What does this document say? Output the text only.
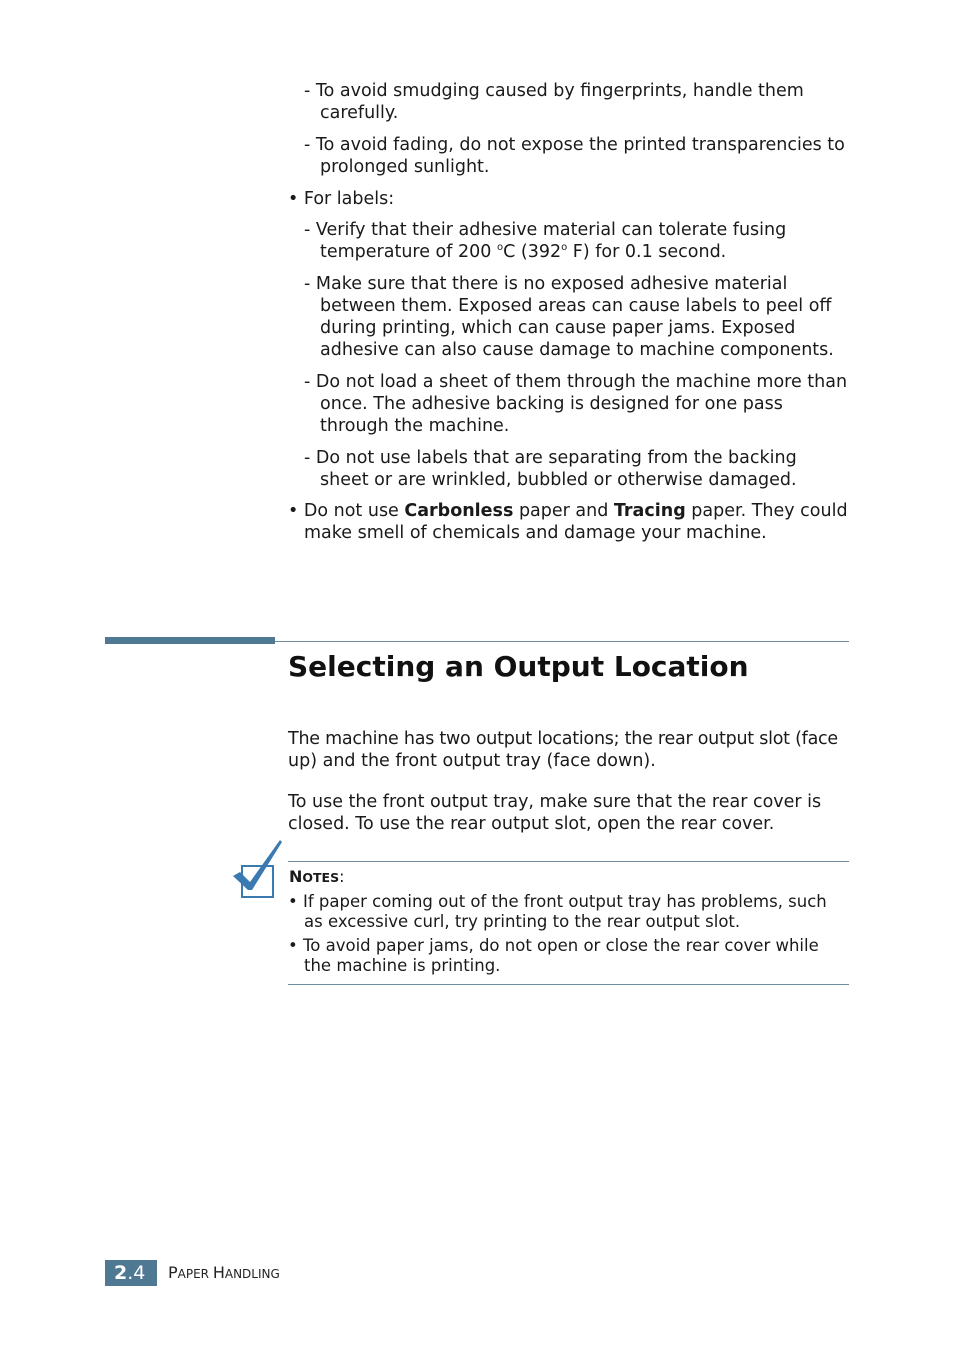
- To avoid smudging caused by fingerprints, handle them
carefully.
- To avoid fading, do not expose the printed transparencies to
prolonged sunlight.
• For labels:
- Verify that their adhesive material can tolerate fusing
temperature of 200 $^o$C (392$^o$ F) for 0.1 second.
- Make sure that there is no exposed adhesive material
between them. Exposed areas can cause labels to peel off
during printing, which can cause paper jams. Exposed
adhesive can also cause damage to machine components.
- Do not load a sheet of them through the machine more than
once. The adhesive backing is designed for one pass
through the machine.
- Do not use labels that are separating from the backing
sheet or are wrinkled, bubbled or otherwise damaged.
• Do not use Carbonless paper and Tracing paper. They could
make smell of chemicals and damage your machine.
Selecting an Output Location
The machine has two output locations; the rear output slot (face
up) and the front output tray (face down).
To use the front output tray, make sure that the rear cover is
closed. To use the rear output slot, open the rear cover.
NOTES:
• If paper coming out of the front output tray has problems, such
as excessive curl, try printing to the rear output slot.
• To avoid paper jams, do not open or close the rear cover while
the machine is printing.
2.4	PAPER HANDLING
